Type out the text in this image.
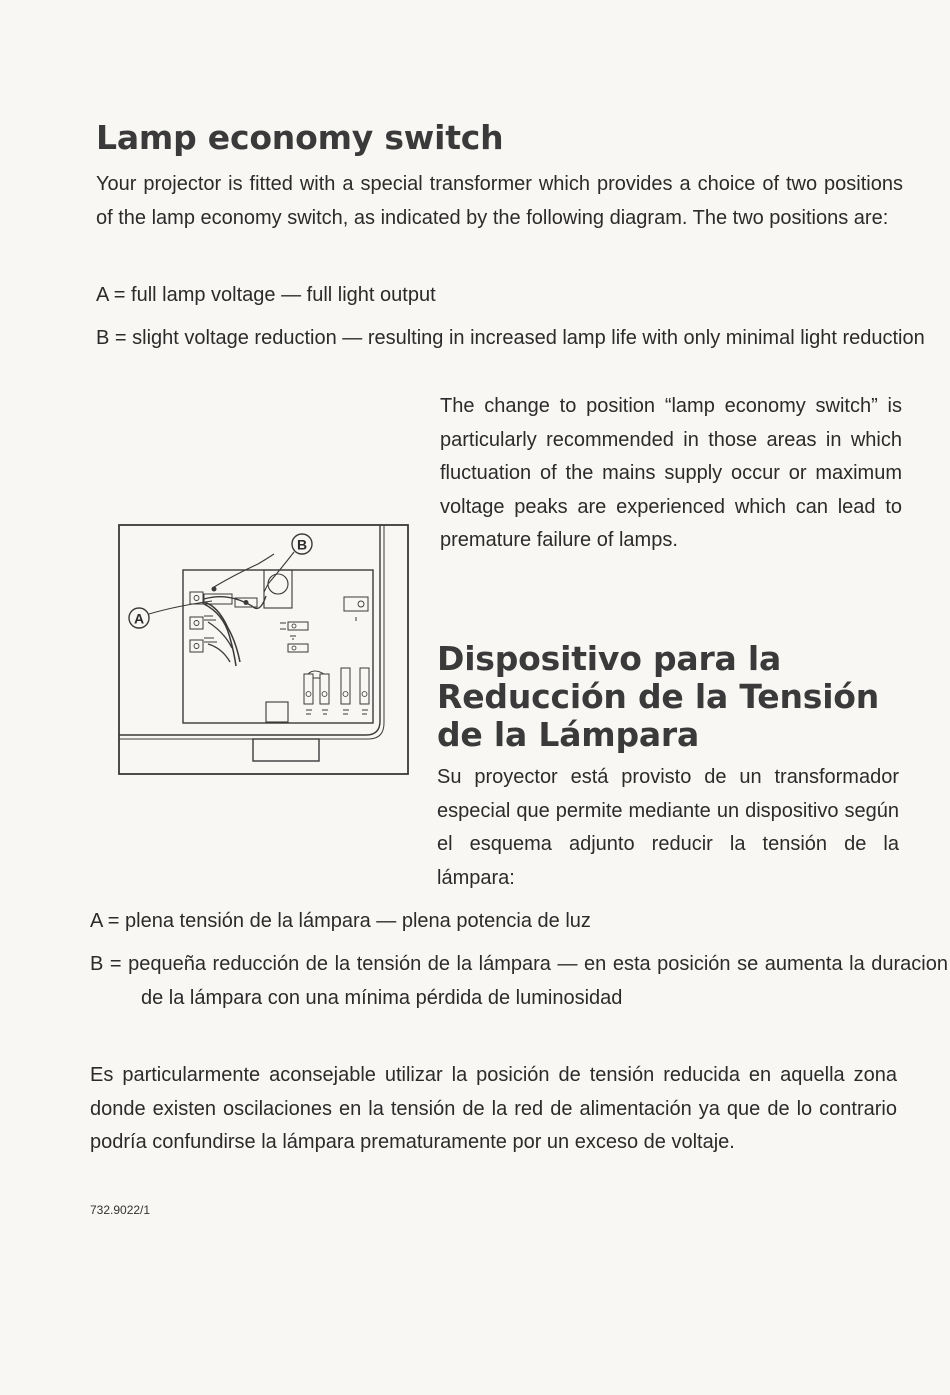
Lamp economy switch

Your projector is fitted with a special transformer which provides a choice of two positions of the lamp economy switch, as indicated by the following diagram. The two positions are:

A = full lamp voltage — full light output

B = slight voltage reduction — resulting in increased lamp life with only minimal light reduction

The change to position “lamp economy switch” is particularly recommended in those areas in which fluctuation of the mains supply occur or maximum voltage peaks are experienced which can lead to premature failure of lamps.

B
A
Dispositivo para la Reducción de la Tensión de la Lámpara

Su proyector está provisto de un transformador especial que permite mediante un dispositivo según el esquema adjunto reducir la tensión de la lámpara:

A = plena tensión de la lámpara — plena potencia de luz

B = pequeña reducción de la tensión de la lámpara — en esta posición se aumenta la duracion de la lámpara con una mínima pérdida de luminosidad

Es particularmente aconsejable utilizar la posición de tensión reducida en aquella zona donde existen oscilaciones en la tensión de la red de alimentación ya que de lo contrario podría confundirse la lámpara prematuramente por un exceso de voltaje.

732.9022/1
